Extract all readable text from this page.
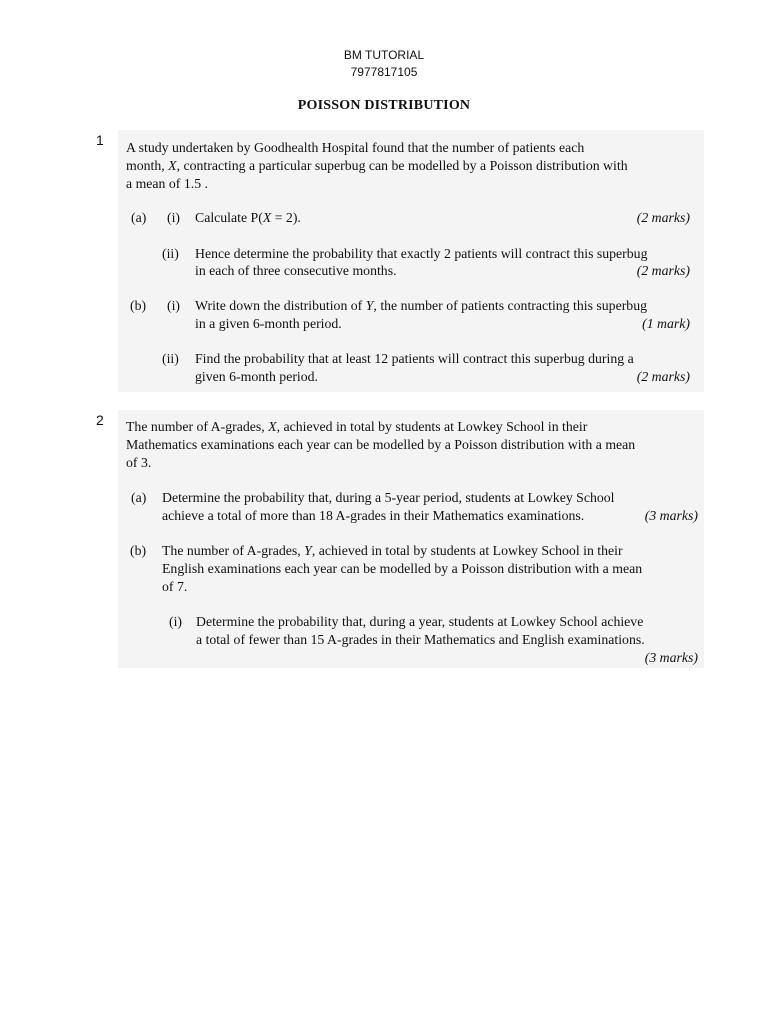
BM TUTORIAL
7977817105
POISSON DISTRIBUTION
1 A study undertaken by Goodhealth Hospital found that the number of patients each
month, X, contracting a particular superbug can be modelled by a Poisson distribution with
a mean of 1.5 .
(a) (i) Calculate P(X = 2).	(2 marks)
(ii) Hence determine the probability that exactly 2 patients will contract this superbug
in each of three consecutive months.	(2 marks)
(b) (i) Write down the distribution of Y, the number of patients contracting this superbug
in a given 6-month period.	(1 mark)
(ii) Find the probability that at least 12 patients will contract this superbug during a
given 6-month period.	(2 marks)
2 The number of A-grades, X, achieved in total by students at Lowkey School in their
Mathematics examinations each year can be modelled by a Poisson distribution with a mean
of 3.
(a) Determine the probability that, during a 5-year period, students at Lowkey School
achieve a total of more than 18 A-grades in their Mathematics examinations.	(3 marks)
(b) The number of A-grades, Y, achieved in total by students at Lowkey School in their
English examinations each year can be modelled by a Poisson distribution with a mean
of 7.
(i) Determine the probability that, during a year, students at Lowkey School achieve
a total of fewer than 15 A-grades in their Mathematics and English examinations.
(3 marks)
